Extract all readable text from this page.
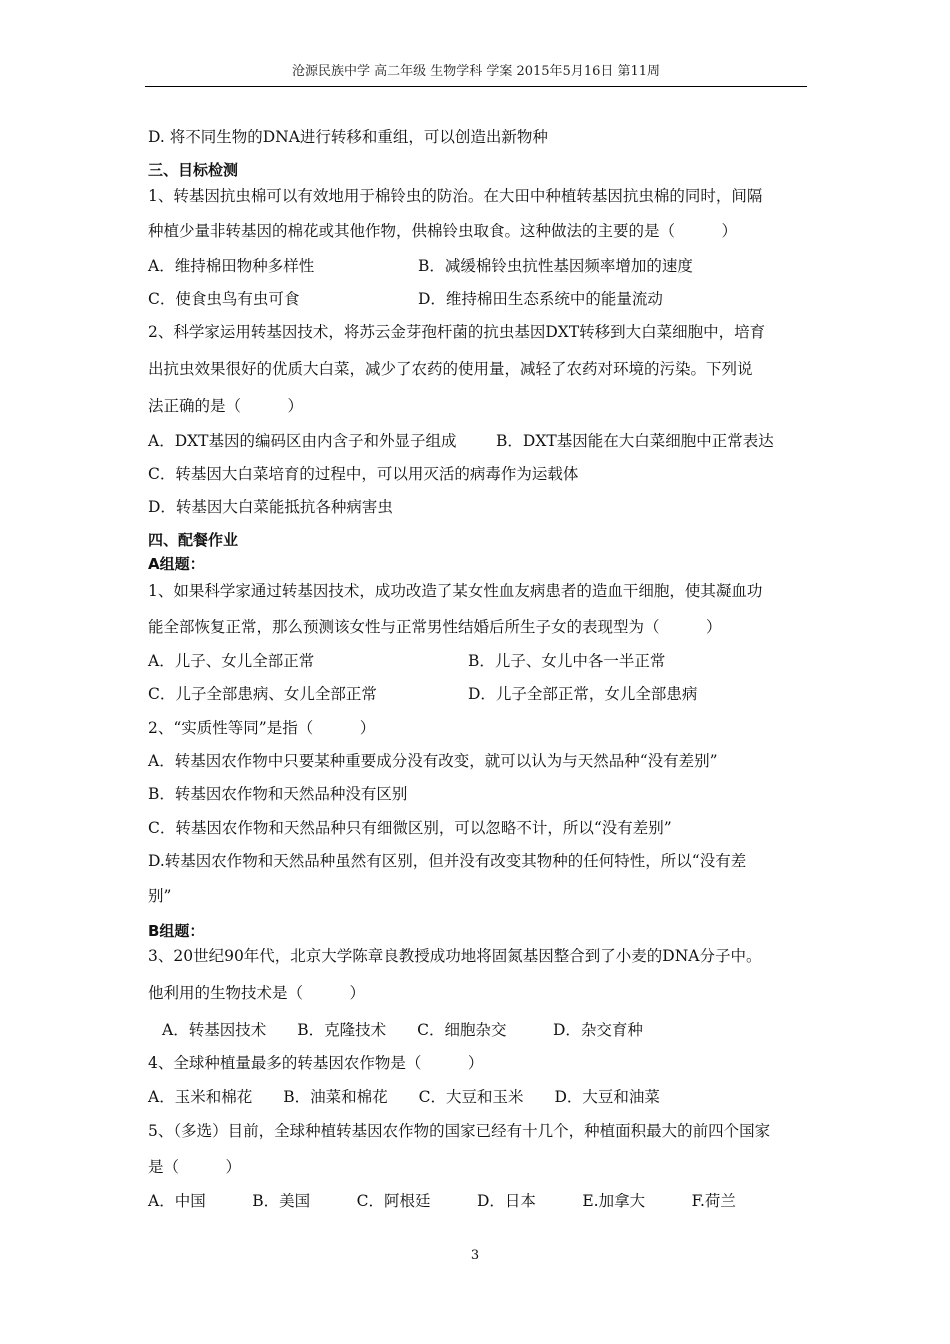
沧源民族中学 高二年级 生物学科 学案 2015年5月16日 第11周
D. 将不同生物的DNA进行转移和重组，可以创造出新物种
三、目标检测
1、转基因抗虫棉可以有效地用于棉铃虫的防治。在大田中种植转基因抗虫棉的同时，间隔
种植少量非转基因的棉花或其他作物，供棉铃虫取食。这种做法的主要的是（　　　）
A．维持棉田物种多样性	B．减缓棉铃虫抗性基因频率增加的速度
C．使食虫鸟有虫可食	D．维持棉田生态系统中的能量流动
2、科学家运用转基因技术，将苏云金芽孢杆菌的抗虫基因DXT转移到大白菜细胞中，培育
出抗虫效果很好的优质大白菜，减少了农药的使用量，减轻了农药对环境的污染。下列说
法正确的是（　　　）
A．DXT基因的编码区由内含子和外显子组成	B．DXT基因能在大白菜细胞中正常表达
C．转基因大白菜培育的过程中，可以用灭活的病毒作为运载体
D．转基因大白菜能抵抗各种病害虫
四、配餐作业
A组题：
1、如果科学家通过转基因技术，成功改造了某女性血友病患者的造血干细胞，使其凝血功
能全部恢复正常，那么预测该女性与正常男性结婚后所生子女的表现型为（　　　）
A．儿子、女儿全部正常	B．儿子、女儿中各一半正常
C．儿子全部患病、女儿全部正常	D．儿子全部正常，女儿全部患病
2、“实质性等同”是指（　　　）
A．转基因农作物中只要某种重要成分没有改变，就可以认为与天然品种“没有差别”
B．转基因农作物和天然品种没有区别
C．转基因农作物和天然品种只有细微区别，可以忽略不计，所以“没有差别”
D.转基因农作物和天然品种虽然有区别，但并没有改变其物种的任何特性，所以“没有差
别”
B组题：
3、20世纪90年代，北京大学陈章良教授成功地将固氮基因整合到了小麦的DNA分子中。
他利用的生物技术是（　　　）
A．转基因技术　　B．克隆技术　　C．细胞杂交　　　D．杂交育种
4、全球种植量最多的转基因农作物是（　　　）
A．玉米和棉花　　B．油菜和棉花　　C．大豆和玉米　　D．大豆和油菜
5、（多选）目前，全球种植转基因农作物的国家已经有十几个，种植面积最大的前四个国家
是（　　　）
A．中国　　　B．美国　　　C．阿根廷　　　D．日本　　　E.加拿大　　　F.荷兰
3
